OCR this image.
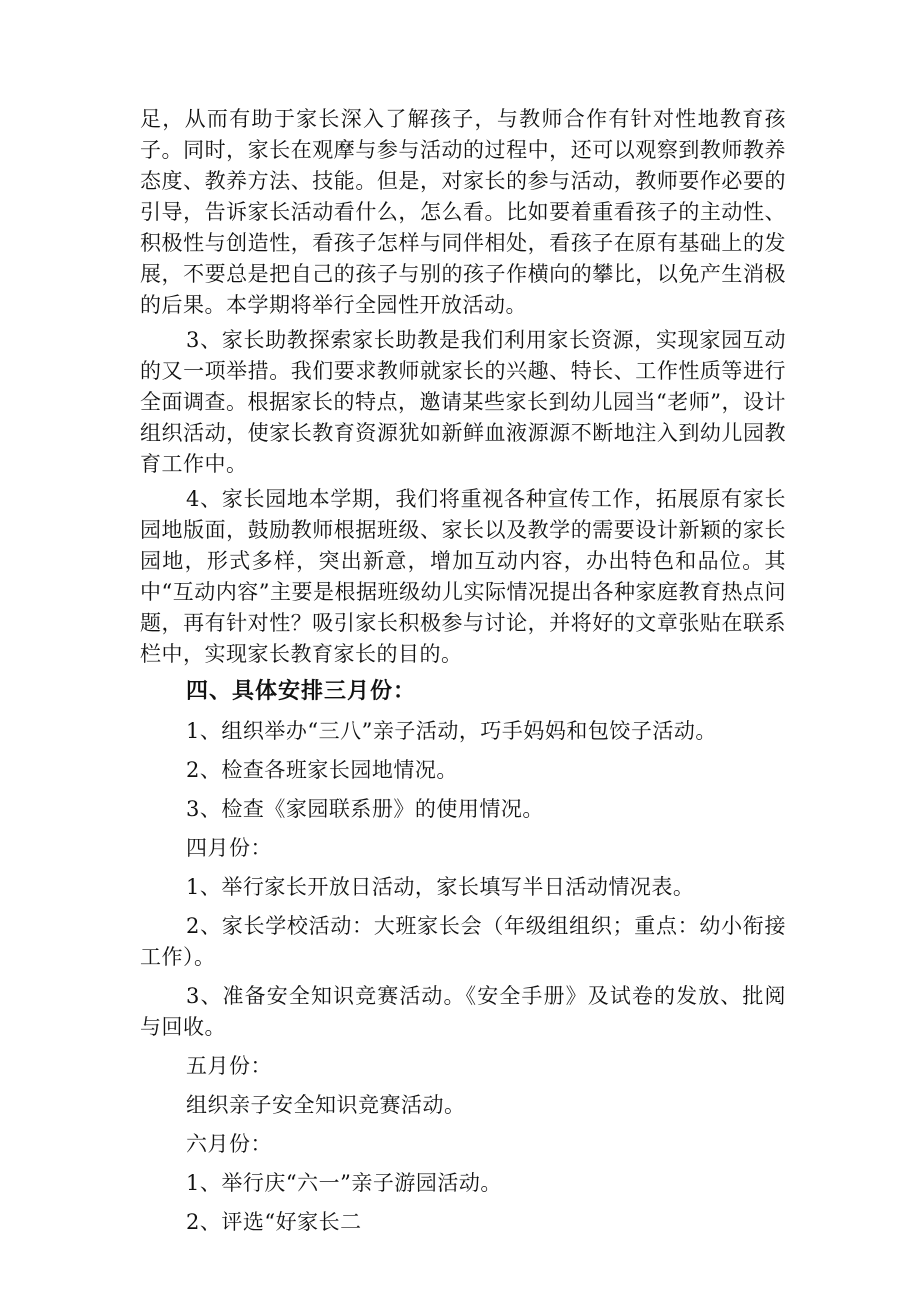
足，从而有助于家长深入了解孩子，与教师合作有针对性地教育孩子。同时，家长在观摩与参与活动的过程中，还可以观察到教师教养态度、教养方法、技能。但是，对家长的参与活动，教师要作必要的引导，告诉家长活动看什么，怎么看。比如要着重看孩子的主动性、积极性与创造性，看孩子怎样与同伴相处，看孩子在原有基础上的发展，不要总是把自己的孩子与别的孩子作横向的攀比，以免产生消极的后果。本学期将举行全园性开放活动。

3、家长助教探索家长助教是我们利用家长资源，实现家园互动的又一项举措。我们要求教师就家长的兴趣、特长、工作性质等进行全面调查。根据家长的特点，邀请某些家长到幼儿园当“老师”，设计组织活动，使家长教育资源犹如新鲜血液源源不断地注入到幼儿园教育工作中。

4、家长园地本学期，我们将重视各种宣传工作，拓展原有家长园地版面，鼓励教师根据班级、家长以及教学的需要设计新颖的家长园地，形式多样，突出新意，增加互动内容，办出特色和品位。其中“互动内容”主要是根据班级幼儿实际情况提出各种家庭教育热点问题，再有针对性？吸引家长积极参与讨论，并将好的文章张贴在联系栏中，实现家长教育家长的目的。

四、具体安排三月份：
1、组织举办“三八”亲子活动，巧手妈妈和包饺子活动。
2、检查各班家长园地情况。
3、检查《家园联系册》的使用情况。
四月份：
1、举行家长开放日活动，家长填写半日活动情况表。

2、家长学校活动：大班家长会（年级组组织；重点：幼小衔接工作）。

3、准备安全知识竞赛活动。《安全手册》及试卷的发放、批阅与回收。

五月份：
组织亲子安全知识竞赛活动。
六月份：
1、举行庆“六一”亲子游园活动。
2、评选“好家长二
